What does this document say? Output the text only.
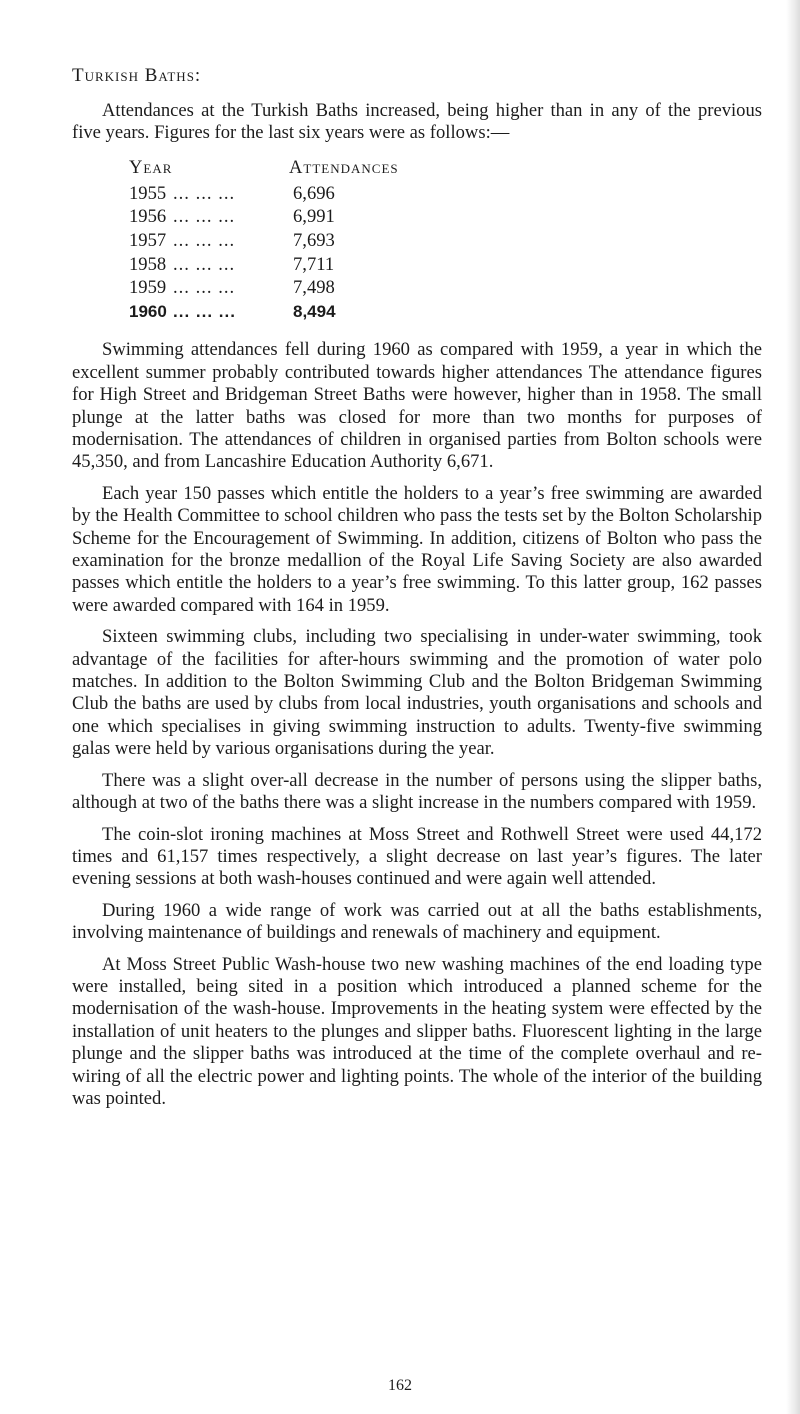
Turkish Baths:

Attendances at the Turkish Baths increased, being higher than in any of the previous five years. Figures for the last six years were as follows:—

Year	Attendances
1955 ... ... ...	6,696
1956 ... ... ...	6,991
1957 ... ... ...	7,693
1958 ... ... ...	7,711
1959 ... ... ...	7,498
1960 ... ... ...	8,494

Swimming attendances fell during 1960 as compared with 1959, a year in which the excellent summer probably contributed towards higher attendances The attendance figures for High Street and Bridgeman Street Baths were however, higher than in 1958. The small plunge at the latter baths was closed for more than two months for purposes of modernisation. The attendances of children in organised parties from Bolton schools were 45,350, and from Lancashire Education Authority 6,671.

Each year 150 passes which entitle the holders to a year’s free swimming are awarded by the Health Committee to school children who pass the tests set by the Bolton Scholarship Scheme for the Encouragement of Swimming. In addition, citizens of Bolton who pass the examination for the bronze medallion of the Royal Life Saving Society are also awarded passes which entitle the holders to a year’s free swimming. To this latter group, 162 passes were awarded compared with 164 in 1959.

Sixteen swimming clubs, including two specialising in under-water swimming, took advantage of the facilities for after-hours swimming and the promotion of water polo matches. In addition to the Bolton Swimming Club and the Bolton Bridgeman Swimming Club the baths are used by clubs from local industries, youth organisations and schools and one which specialises in giving swimming instruction to adults. Twenty-five swimming galas were held by various organisations during the year.

There was a slight over-all decrease in the number of persons using the slipper baths, although at two of the baths there was a slight increase in the numbers compared with 1959.

The coin-slot ironing machines at Moss Street and Rothwell Street were used 44,172 times and 61,157 times respectively, a slight decrease on last year’s figures. The later evening sessions at both wash-houses continued and were again well attended.

During 1960 a wide range of work was carried out at all the baths establishments, involving maintenance of buildings and renewals of machinery and equipment.

At Moss Street Public Wash-house two new washing machines of the end loading type were installed, being sited in a position which introduced a planned scheme for the modernisation of the wash-house. Improvements in the heating system were effected by the installation of unit heaters to the plunges and slipper baths. Fluorescent lighting in the large plunge and the slipper baths was introduced at the time of the complete overhaul and re-wiring of all the electric power and lighting points. The whole of the interior of the building was pointed.

162
